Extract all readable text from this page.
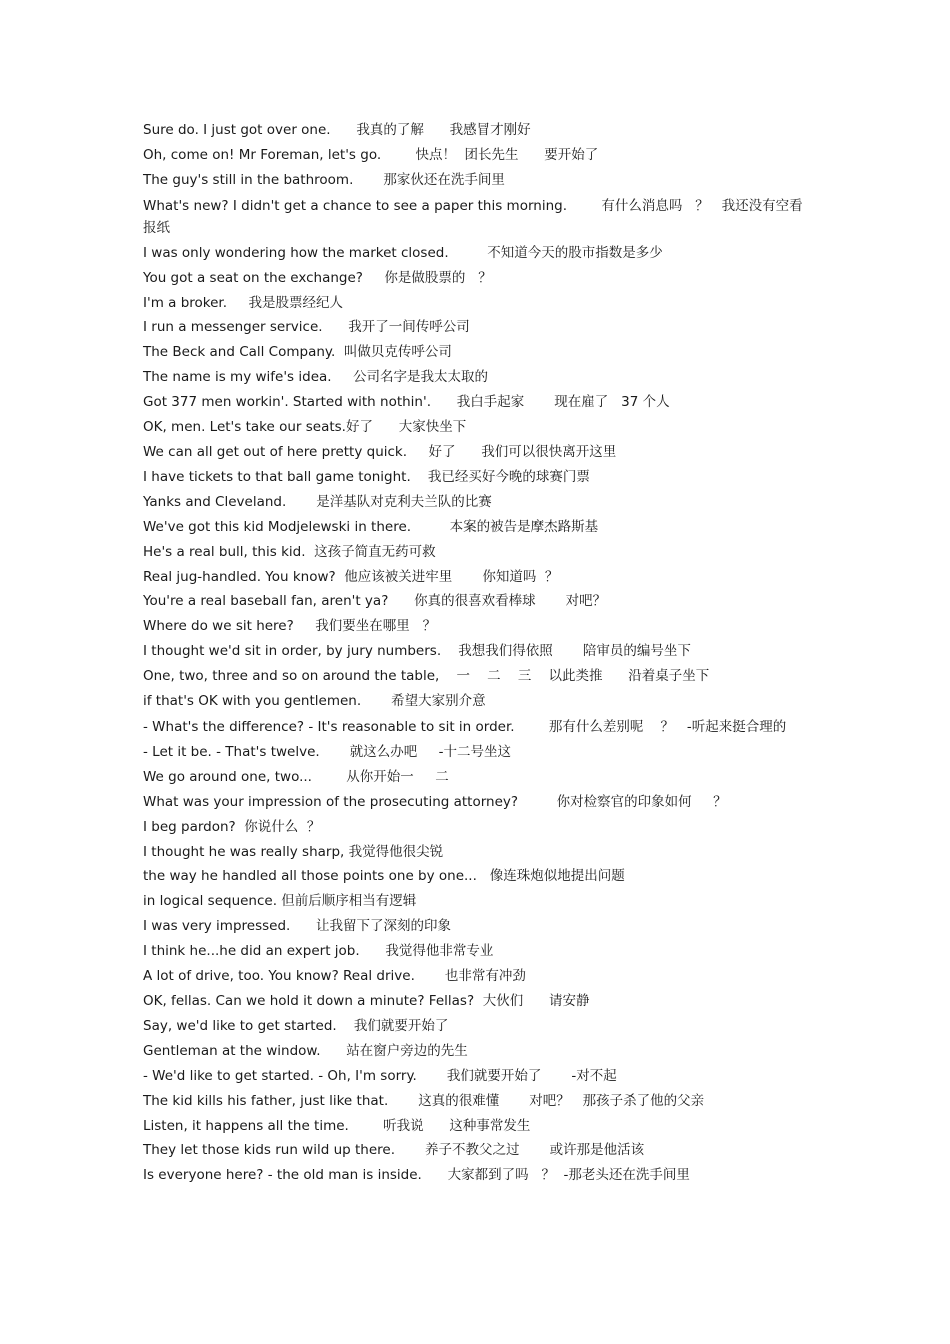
Sure do. I just got over one.      我真的了解      我感冒才刚好
Oh, come on! Mr Foreman, let's go.        快点！  团长先生      要开始了
The guy's still in the bathroom.       那家伙还在洗手间里
What's new? I didn't get a chance to see a paper this morning.        有什么消息吗   ？   我还没有空看报纸
I was only wondering how the market closed.         不知道今天的股市指数是多少
You got a seat on the exchange?     你是做股票的   ？
I'm a broker.     我是股票经纪人
I run a messenger service.      我开了一间传呼公司
The Beck and Call Company.  叫做贝克传呼公司
The name is my wife's idea.     公司名字是我太太取的
Got 377 men workin'. Started with nothin'.      我白手起家       现在雇了   37 个人
OK, men. Let's take our seats.好了      大家快坐下
We can all get out of here pretty quick.     好了      我们可以很快离开这里
I have tickets to that ball game tonight.    我已经买好今晚的球赛门票
Yanks and Cleveland.       是洋基队对克利夫兰队的比赛
We've got this kid Modjelewski in there.         本案的被告是摩杰路斯基
He's a real bull, this kid.  这孩子简直无药可救
Real jug-handled. You know?  他应该被关进牢里       你知道吗  ？
You're a real baseball fan, aren't ya?      你真的很喜欢看棒球       对吧？
Where do we sit here?     我们要坐在哪里   ？
I thought we'd sit in order, by jury numbers.    我想我们得依照       陪审员的编号坐下
One, two, three and so on around the table,    一    二    三    以此类推      沿着桌子坐下
if that's OK with you gentlemen.       希望大家别介意
- What's the difference? - It's reasonable to sit in order.        那有什么差别呢    ？   -听起来挺合理的
- Let it be. - That's twelve.       就这么办吧     -十二号坐这
We go around one, two...        从你开始一     二
What was your impression of the prosecuting attorney?         你对检察官的印象如何     ？
I beg pardon?  你说什么  ？
I thought he was really sharp, 我觉得他很尖锐
the way he handled all those points one by one...   像连珠炮似地提出问题
in logical sequence. 但前后顺序相当有逻辑
I was very impressed.      让我留下了深刻的印象
I think he...he did an expert job.      我觉得他非常专业
A lot of drive, too. You know? Real drive.       也非常有冲劲
OK, fellas. Can we hold it down a minute? Fellas?  大伙们      请安静
Say, we'd like to get started.    我们就要开始了
Gentleman at the window.      站在窗户旁边的先生
- We'd like to get started. - Oh, I'm sorry.       我们就要开始了       -对不起
The kid kills his father, just like that.       这真的很难懂       对吧？   那孩子杀了他的父亲
Listen, it happens all the time.        听我说      这种事常发生
They let those kids run wild up there.       养子不教父之过       或许那是他活该
Is everyone here? - the old man is inside.      大家都到了吗   ？  -那老头还在洗手间里
